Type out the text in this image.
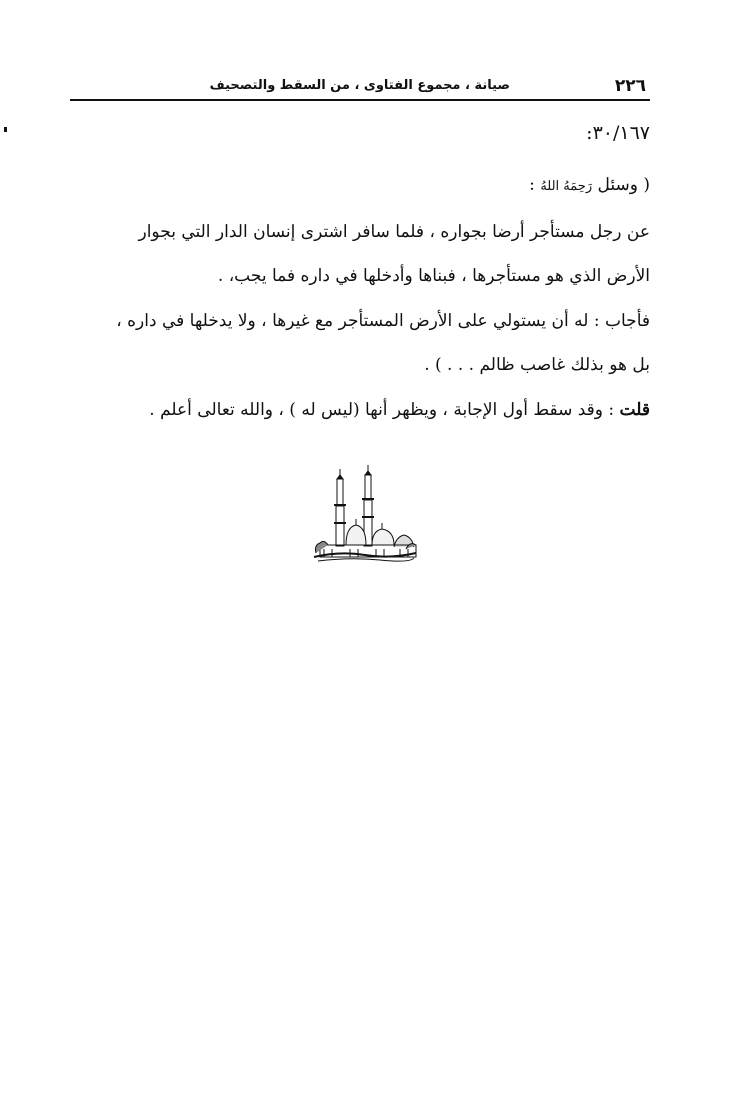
٢٢٦
صيانة ، مجموع الفتاوى ، من السقط والتصحيف
٣٠/١٦٧:
( وسئل رَحِمَهُ اللهُ :
عن رجل مستأجر أرضا بجواره ، فلما سافر اشترى إنسان الدار التي بجوار
الأرض الذي هو مستأجرها ، فبناها وأدخلها في داره فما يجب، .
فأجاب : له أن يستولي على الأرض المستأجر مع غيرها ، ولا يدخلها في داره ،
بل هو بذلك غاصب ظالم . . . ) .
قلت : وقد سقط أول الإجابة ، ويظهر أنها (ليس له ) ، والله تعالى أعلم .
